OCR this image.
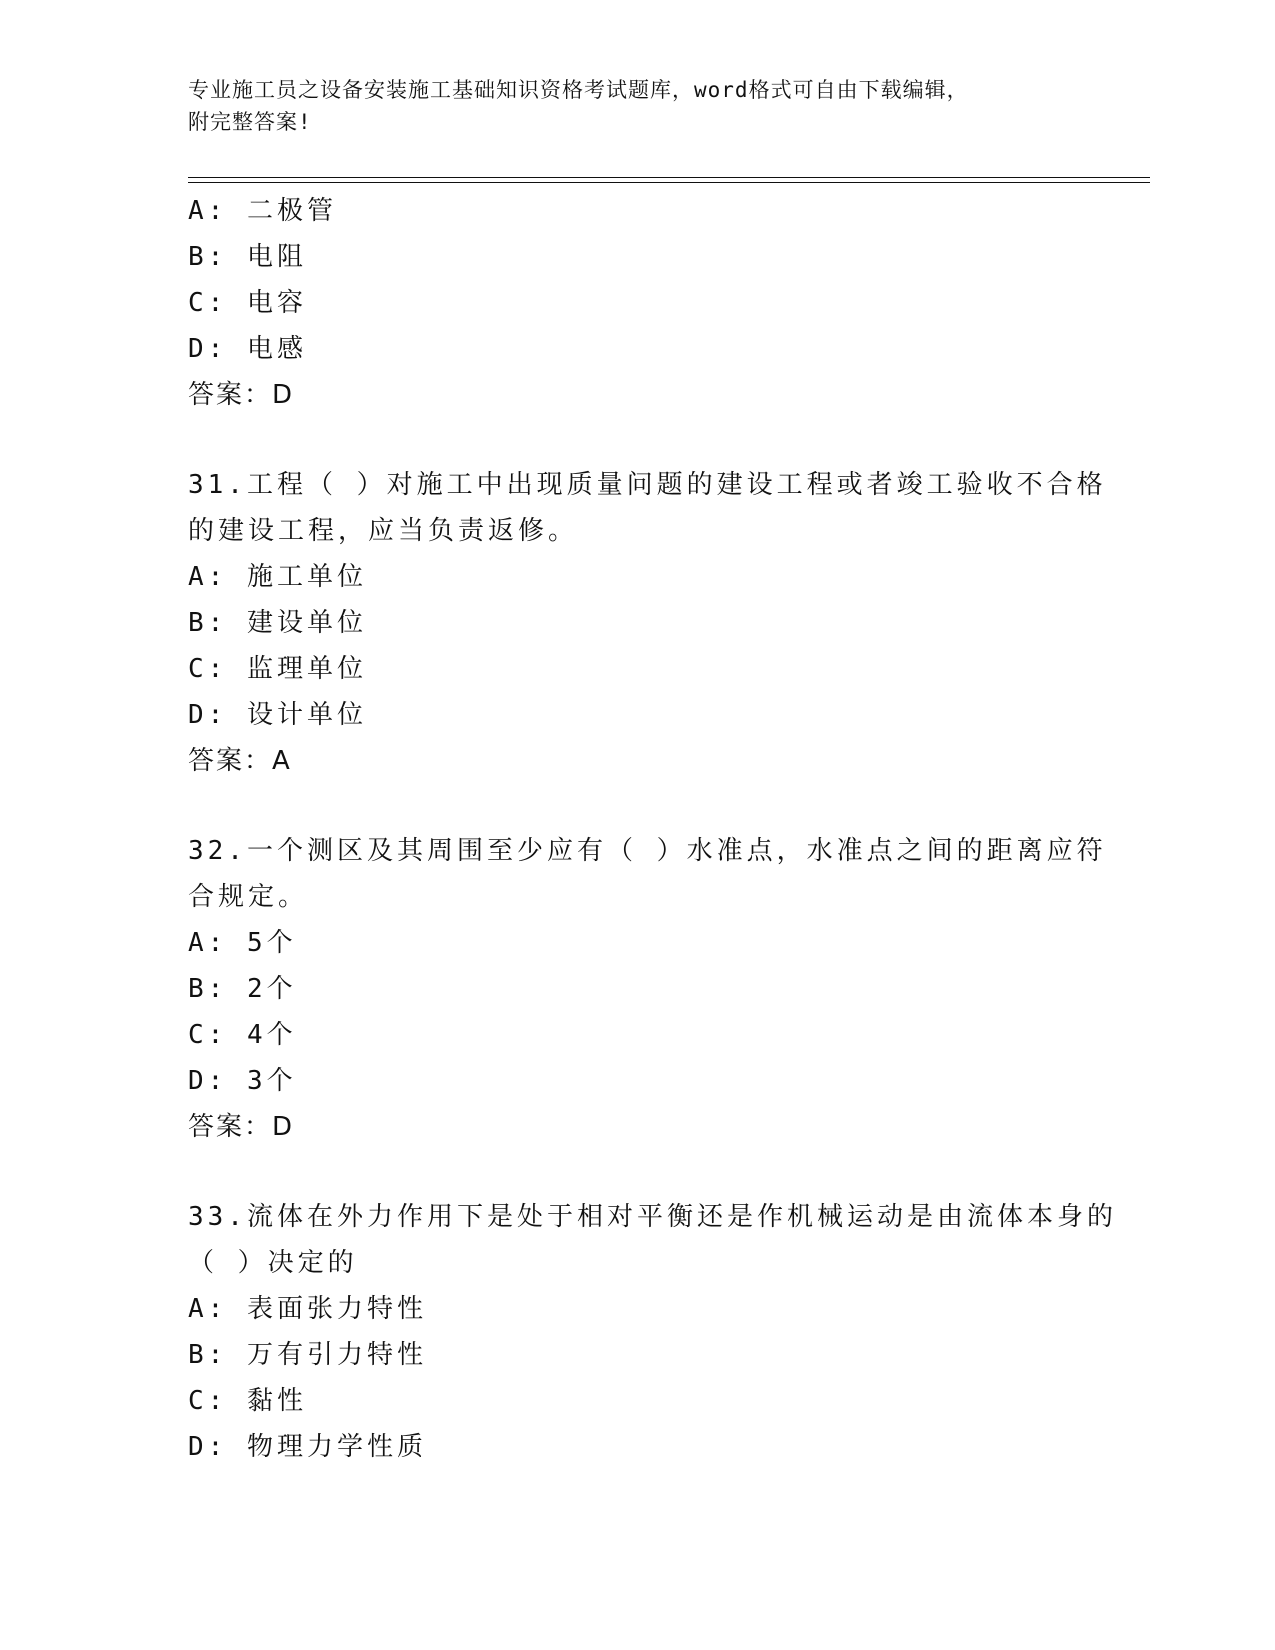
专业施工员之设备安装施工基础知识资格考试题库，word格式可自由下载编辑，
附完整答案!
A: 二极管
B: 电阻
C: 电容
D: 电感
答案：D
31.工程（ ）对施工中出现质量问题的建设工程或者竣工验收不合格
的建设工程，应当负责返修。
A: 施工单位
B: 建设单位
C: 监理单位
D: 设计单位
答案：A
32.一个测区及其周围至少应有（ ）水准点，水准点之间的距离应符
合规定。
A: 5个
B: 2个
C: 4个
D: 3个
答案：D
33.流体在外力作用下是处于相对平衡还是作机械运动是由流体本身的
（ ）决定的
A: 表面张力特性
B: 万有引力特性
C: 黏性
D: 物理力学性质
